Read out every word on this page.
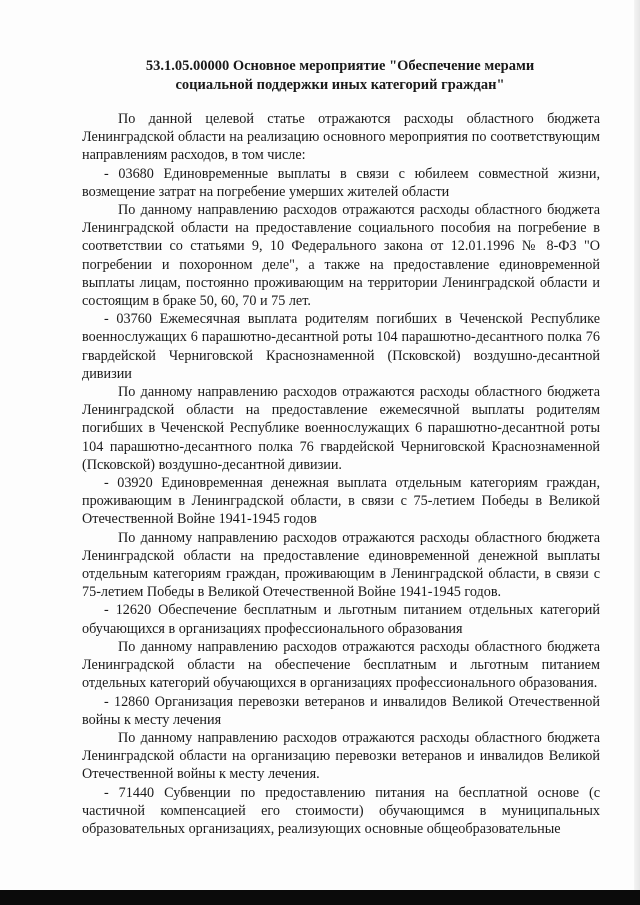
53.1.05.00000 Основное мероприятие "Обеспечение мерами
социальной поддержки иных категорий граждан"

По данной целевой статье отражаются расходы областного бюджета Ленинградской области на реализацию основного мероприятия по соответствующим направлениям расходов, в том числе:

- 03680 Единовременные выплаты в связи с юбилеем совместной жизни, возмещение затрат на погребение умерших жителей области

По данному направлению расходов отражаются расходы областного бюджета Ленинградской области на предоставление социального пособия на погребение в соответствии со статьями 9, 10 Федерального закона от 12.01.1996 № 8-ФЗ "О погребении и похоронном деле", а также на предоставление единовременной выплаты лицам, постоянно проживающим на территории Ленинградской области и состоящим в браке 50, 60, 70 и 75 лет.

- 03760 Ежемесячная выплата родителям погибших в Чеченской Республике военнослужащих 6 парашютно-десантной роты 104 парашютно-десантного полка 76 гвардейской Черниговской Краснознаменной (Псковской) воздушно-десантной дивизии

По данному направлению расходов отражаются расходы областного бюджета Ленинградской области на предоставление ежемесячной выплаты родителям погибших в Чеченской Республике военнослужащих 6 парашютно-десантной роты 104 парашютно-десантного полка 76 гвардейской Черниговской Краснознаменной (Псковской) воздушно-десантной дивизии.

- 03920 Единовременная денежная выплата отдельным категориям граждан, проживающим в Ленинградской области, в связи с 75-летием Победы в Великой Отечественной Войне 1941-1945 годов

По данному направлению расходов отражаются расходы областного бюджета Ленинградской области на предоставление единовременной денежной выплаты отдельным категориям граждан, проживающим в Ленинградской области, в связи с 75-летием Победы в Великой Отечественной Войне 1941-1945 годов.

- 12620 Обеспечение бесплатным и льготным питанием отдельных категорий обучающихся в организациях профессионального образования

По данному направлению расходов отражаются расходы областного бюджета Ленинградской области на обеспечение бесплатным и льготным питанием отдельных категорий обучающихся в организациях профессионального образования.

- 12860 Организация перевозки ветеранов и инвалидов Великой Отечественной войны к месту лечения

По данному направлению расходов отражаются расходы областного бюджета Ленинградской области на организацию перевозки ветеранов и инвалидов Великой Отечественной войны к месту лечения.

- 71440 Субвенции по предоставлению питания на бесплатной основе (с частичной компенсацией его стоимости) обучающимся в муниципальных образовательных организациях, реализующих основные общеобразовательные
